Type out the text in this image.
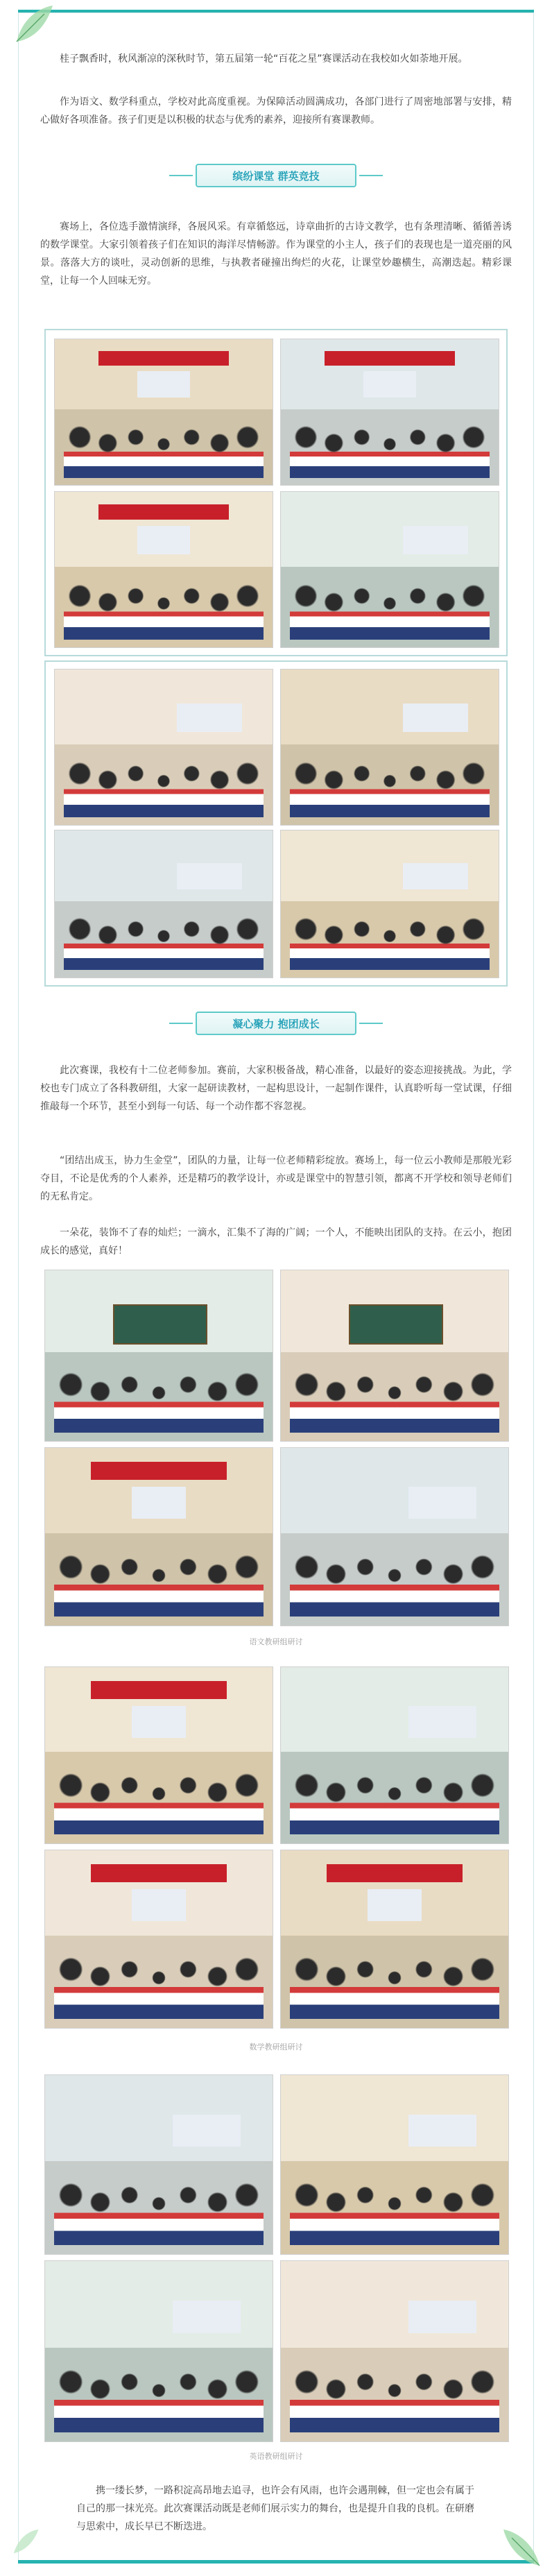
桂子飘香时，秋风渐凉的深秋时节，第五届第一轮“百花之星”赛课活动在我校如火如荼地开展。

作为语文、数学科重点，学校对此高度重视。为保障活动圆满成功，各部门进行了周密地部署与安排，精心做好各项准备。孩子们更是以积极的状态与优秀的素养，迎接所有赛课教师。

缤纷课堂 群英竞技

赛场上，各位选手激情演绎，各展风采。有章循悠远，诗章曲折的古诗文教学，也有条理清晰、循循善诱的数学课堂。大家引领着孩子们在知识的海洋尽情畅游。作为课堂的小主人，孩子们的表现也是一道亮丽的风景。落落大方的谈吐，灵动创新的思维，与执教者碰撞出绚烂的火花，让课堂妙趣横生，高潮迭起。精彩课堂，让每一个人回味无穷。

凝心聚力 抱团成长

此次赛课，我校有十二位老师参加。赛前，大家积极备战，精心准备，以最好的姿态迎接挑战。为此，学校也专门成立了各科教研组，大家一起研读教材，一起构思设计，一起制作课件，认真聆听每一堂试课，仔细推敲每一个环节，甚至小到每一句话、每一个动作都不容忽视。

“团结出成玉，协力生金堂”，团队的力量，让每一位老师精彩绽放。赛场上，每一位云小教师是那般光彩夺目，不论是优秀的个人素养，还是精巧的教学设计，亦或是课堂中的智慧引领，都离不开学校和领导老师们的无私肯定。

一朵花，装饰不了春的灿烂；一滴水，汇集不了海的广阔；一个人，不能映出团队的支持。在云小，抱团成长的感觉，真好！

语文教研组研讨
数学教研组研讨
英语教研组研讨

携一缕长梦，一路积淀高昂地去追寻，也许会有风雨，也许会遇荆棘，但一定也会有属于自己的那一抹光亮。此次赛课活动既是老师们展示实力的舞台，也是提升自我的良机。在研磨与思索中，成长早已不断迭进。
